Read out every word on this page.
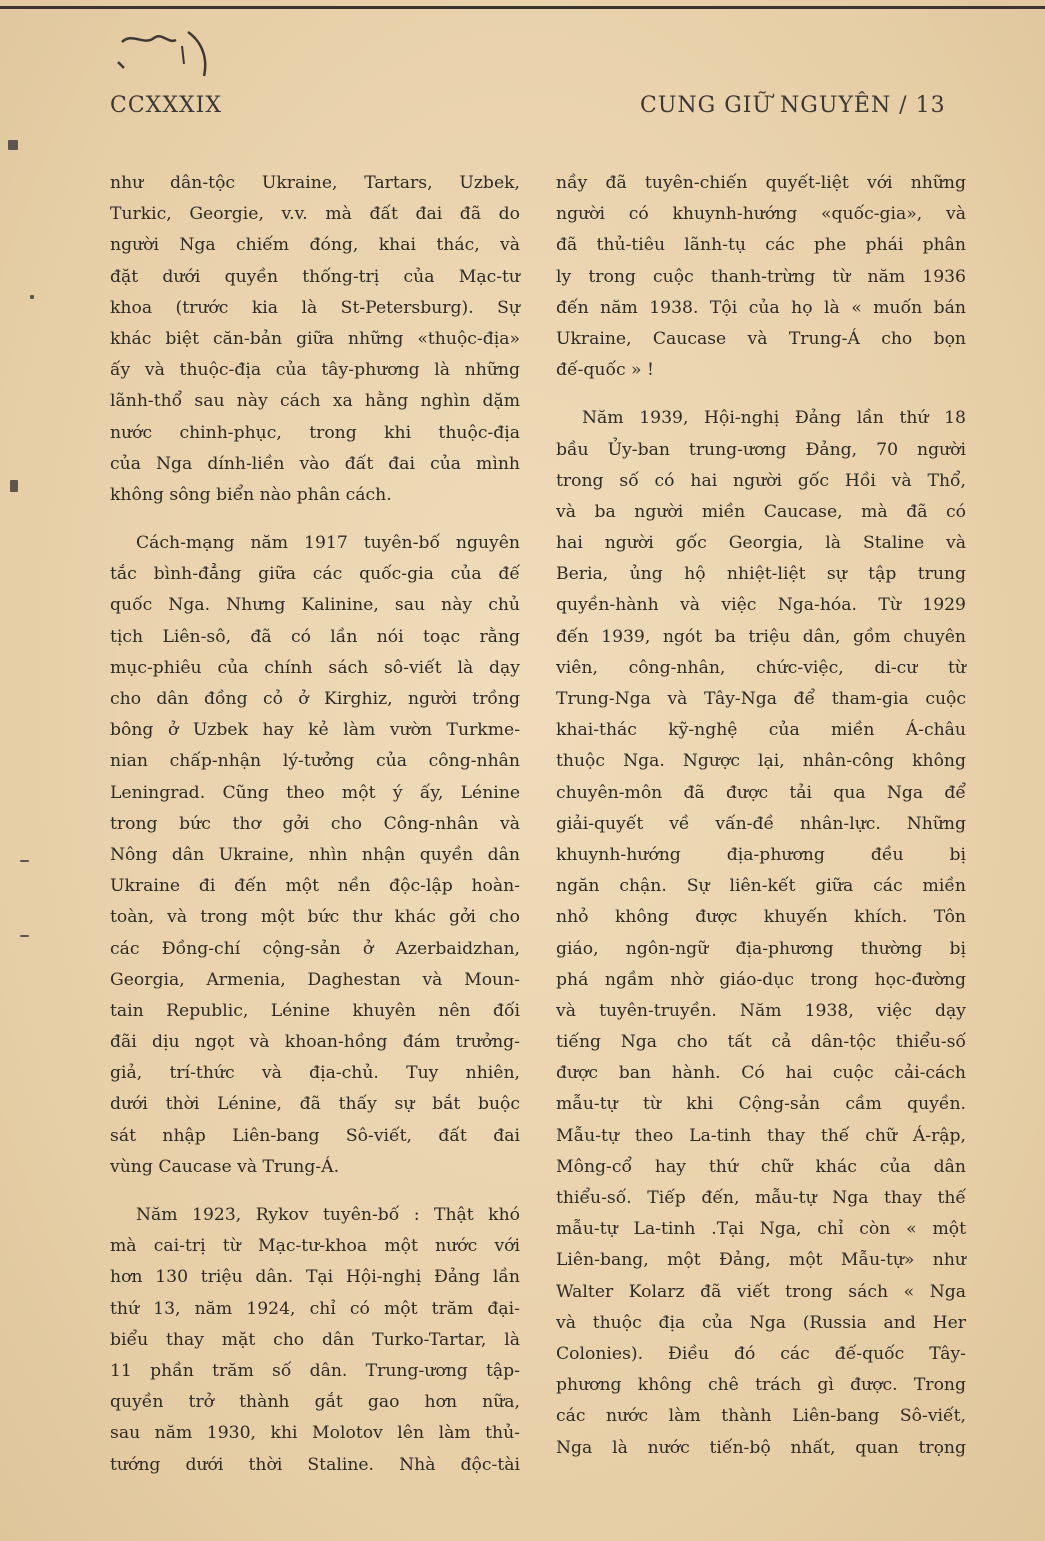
CCXXXIX	CUNG GIỮ NGUYÊN / 13
như dân-tộc Ukraine, Tartars, Uzbek,
Turkic, Georgie, v.v. mà đất đai đã do
người Nga chiếm đóng, khai thác, và
đặt dưới quyền thống-trị của Mạc-tư
khoa (trước kia là St-Petersburg). Sự
khác biệt căn-bản giữa những «thuộc-địa»
ấy và thuộc-địa của tây-phương là những
lãnh-thổ sau này cách xa hằng nghìn dặm
nước chinh-phục, trong khi thuộc-địa
của Nga dính-liền vào đất đai của mình
không sông biển nào phân cách.
Cách-mạng năm 1917 tuyên-bố nguyên
tắc bình-đẳng giữa các quốc-gia của đế
quốc Nga. Nhưng Kalinine, sau này chủ
tịch Liên-sô, đã có lần nói toạc rằng
mục-phiêu của chính sách sô-viết là dạy
cho dân đồng cỏ ở Kirghiz, người trồng
bông ở Uzbek hay kẻ làm vườn Turkme-
nian chấp-nhận lý-tưởng của công-nhân
Leningrad. Cũng theo một ý ấy, Lénine
trong bức thơ gởi cho Công-nhân và
Nông dân Ukraine, nhìn nhận quyền dân
Ukraine đi đến một nền độc-lập hoàn-
toàn, và trong một bức thư khác gởi cho
các Đồng-chí cộng-sản ở Azerbaidzhan,
Georgia, Armenia, Daghestan và Moun-
tain Republic, Lénine khuyên nên đối
đãi dịu ngọt và khoan-hồng đám trưởng-
giả, trí-thức và địa-chủ. Tuy nhiên,
dưới thời Lénine, đã thấy sự bắt buộc
sát nhập Liên-bang Sô-viết, đất đai
vùng Caucase và Trung-Á.
Năm 1923, Rykov tuyên-bố : Thật khó
mà cai-trị từ Mạc-tư-khoa một nước với
hơn 130 triệu dân. Tại Hội-nghị Đảng lần
thứ 13, năm 1924, chỉ có một trăm đại-
biểu thay mặt cho dân Turko-Tartar, là
11 phần trăm số dân. Trung-ương tập-
quyền trở thành gắt gao hơn nữa,
sau năm 1930, khi Molotov lên làm thủ-
tướng dưới thời Staline. Nhà độc-tài
nầy đã tuyên-chiến quyết-liệt với những
người có khuynh-hướng «quốc-gia», và
đã thủ-tiêu lãnh-tụ các phe phái phân
ly trong cuộc thanh-trừng từ năm 1936
đến năm 1938. Tội của họ là « muốn bán
Ukraine, Caucase và Trung-Á cho bọn
đế-quốc » !
Năm 1939, Hội-nghị Đảng lần thứ 18
bầu Ủy-ban trung-ương Đảng, 70 người
trong số có hai người gốc Hồi và Thổ,
và ba người miền Caucase, mà đã có
hai người gốc Georgia, là Staline và
Beria, ủng hộ nhiệt-liệt sự tập trung
quyền-hành và việc Nga-hóa. Từ 1929
đến 1939, ngót ba triệu dân, gồm chuyên
viên, công-nhân, chức-việc, di-cư từ
Trung-Nga và Tây-Nga để tham-gia cuộc
khai-thác kỹ-nghệ của miền Á-châu
thuộc Nga. Ngược lại, nhân-công không
chuyên-môn đã được tải qua Nga để
giải-quyết về vấn-đề nhân-lực. Những
khuynh-hướng địa-phương đều bị
ngăn chận. Sự liên-kết giữa các miền
nhỏ không được khuyến khích. Tôn
giáo, ngôn-ngữ địa-phương thường bị
phá ngầm nhờ giáo-dục trong học-đường
và tuyên-truyền. Năm 1938, việc dạy
tiếng Nga cho tất cả dân-tộc thiểu-số
được ban hành. Có hai cuộc cải-cách
mẫu-tự từ khi Cộng-sản cầm quyền.
Mẫu-tự theo La-tinh thay thế chữ Á-rập,
Mông-cổ hay thứ chữ khác của dân
thiểu-số. Tiếp đến, mẫu-tự Nga thay thế
mẫu-tự La-tinh .Tại Nga, chỉ còn « một
Liên-bang, một Đảng, một Mẫu-tự» như
Walter Kolarz đã viết trong sách « Nga
và thuộc địa của Nga (Russia and Her
Colonies). Điều đó các đế-quốc Tây-
phương không chê trách gì được. Trong
các nước làm thành Liên-bang Sô-viết,
Nga là nước tiến-bộ nhất, quan trọng
